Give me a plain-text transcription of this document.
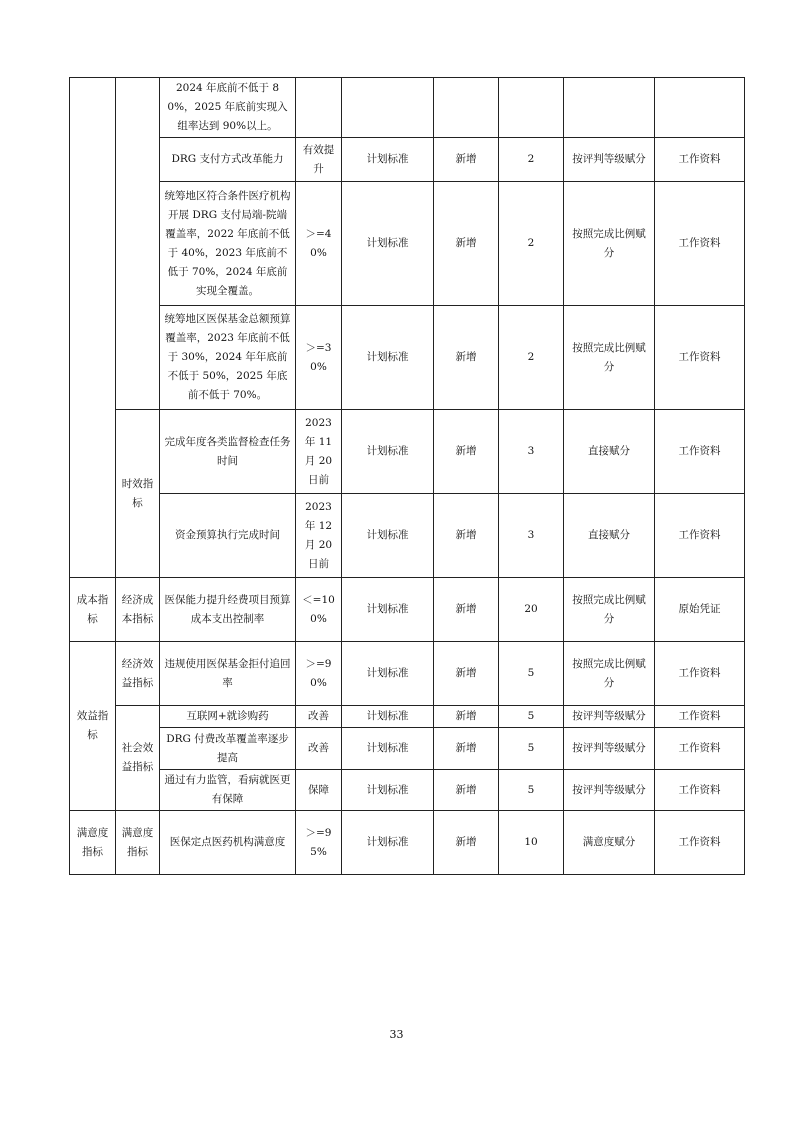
		2024 年底前不低于 80%，2025 年底前实现入组率达到 90%以上。						
		DRG 支付方式改革能力	有效提升	计划标准	新增	2	按评判等级赋分	工作资料
		统筹地区符合条件医疗机构开展 DRG 支付局端-院端覆盖率，2022 年底前不低于 40%，2023 年底前不低于 70%，2024 年底前实现全覆盖。	＞=40%	计划标准	新增	2	按照完成比例赋分	工作资料
		统筹地区医保基金总额预算覆盖率，2023 年底前不低于 30%，2024 年年底前不低于 50%，2025 年底前不低于 70%。	＞=30%	计划标准	新增	2	按照完成比例赋分	工作资料
	时效指标	完成年度各类监督检查任务时间	2023 年 11 月 20 日前	计划标准	新增	3	直接赋分	工作资料
		资金预算执行完成时间	2023 年 12 月 20 日前	计划标准	新增	3	直接赋分	工作资料
成本指标	经济成本指标	医保能力提升经费项目预算成本支出控制率	＜=100%	计划标准	新增	20	按照完成比例赋分	原始凭证
效益指标	经济效益指标	违规使用医保基金拒付追回率	＞=90%	计划标准	新增	5	按照完成比例赋分	工作资料
	社会效益指标	互联网+就诊购药	改善	计划标准	新增	5	按评判等级赋分	工作资料
		DRG 付费改革覆盖率逐步提高	改善	计划标准	新增	5	按评判等级赋分	工作资料
		通过有力监管，看病就医更有保障	保障	计划标准	新增	5	按评判等级赋分	工作资料
满意度指标	满意度指标	医保定点医药机构满意度	＞=95%	计划标准	新增	10	满意度赋分	工作资料
33
